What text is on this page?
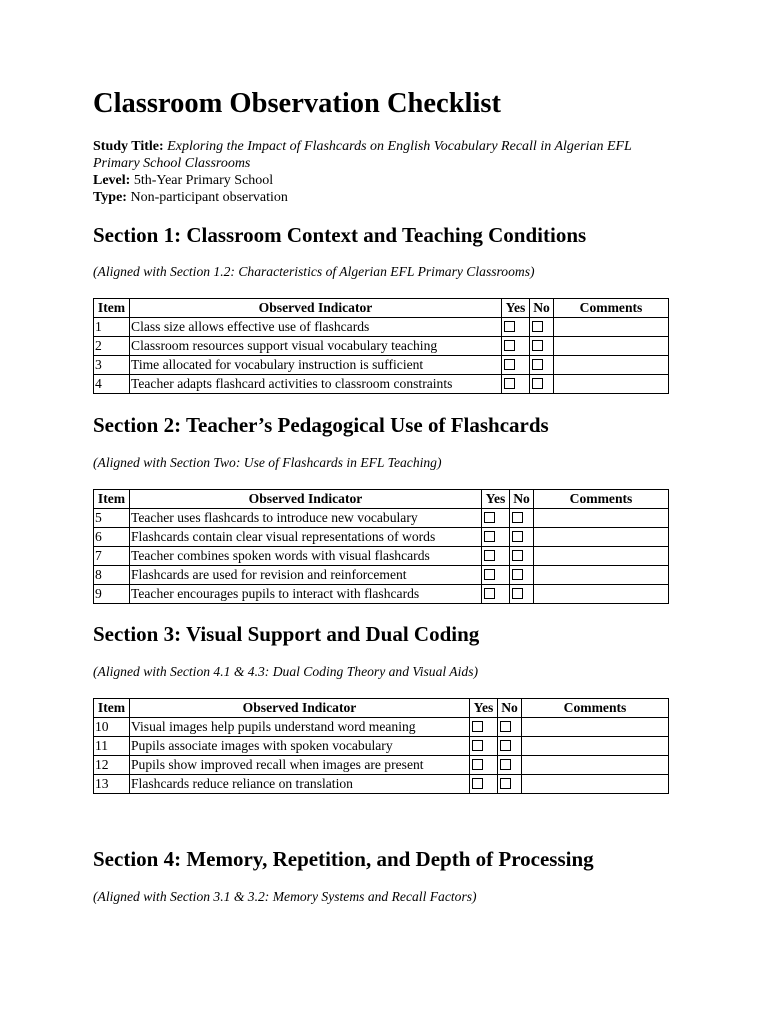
Classroom Observation Checklist
Study Title: Exploring the Impact of Flashcards on English Vocabulary Recall in Algerian EFL Primary School Classrooms
Level: 5th-Year Primary School
Type: Non-participant observation
Section 1: Classroom Context and Teaching Conditions
(Aligned with Section 1.2: Characteristics of Algerian EFL Primary Classrooms)
Item	Observed Indicator	Yes	No	Comments
1	Class size allows effective use of flashcards			
2	Classroom resources support visual vocabulary teaching			
3	Time allocated for vocabulary instruction is sufficient			
4	Teacher adapts flashcard activities to classroom constraints			
Section 2: Teacher’s Pedagogical Use of Flashcards
(Aligned with Section Two: Use of Flashcards in EFL Teaching)
Item	Observed Indicator	Yes	No	Comments
5	Teacher uses flashcards to introduce new vocabulary			
6	Flashcards contain clear visual representations of words			
7	Teacher combines spoken words with visual flashcards			
8	Flashcards are used for revision and reinforcement			
9	Teacher encourages pupils to interact with flashcards			
Section 3: Visual Support and Dual Coding
(Aligned with Section 4.1 & 4.3: Dual Coding Theory and Visual Aids)
Item	Observed Indicator	Yes	No	Comments
10	Visual images help pupils understand word meaning			
11	Pupils associate images with spoken vocabulary			
12	Pupils show improved recall when images are present			
13	Flashcards reduce reliance on translation			
Section 4: Memory, Repetition, and Depth of Processing
(Aligned with Section 3.1 & 3.2: Memory Systems and Recall Factors)
